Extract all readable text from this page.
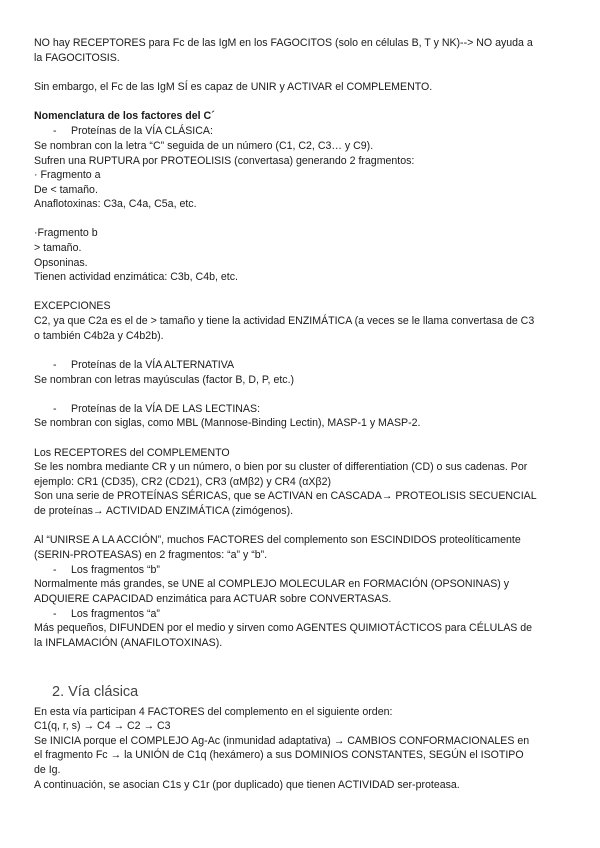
NO hay RECEPTORES para Fc de las IgM en los FAGOCITOS (solo en células B, T y NK)--> NO ayuda a
la FAGOCITOSIS.
Sin embargo, el Fc de las IgM SÍ es capaz de UNIR y ACTIVAR el COMPLEMENTO.
Nomenclatura de los factores del C´
- Proteínas de la VÍA CLÁSICA:
Se nombran con la letra “C” seguida de un número (C1, C2, C3… y C9).
Sufren una RUPTURA por PROTEOLISIS (convertasa) generando 2 fragmentos:
· Fragmento a
De < tamaño.
Anaflotoxinas: C3a, C4a, C5a, etc.
·Fragmento b
> tamaño.
Opsoninas.
Tienen actividad enzimática: C3b, C4b, etc.
EXCEPCIONES
C2, ya que C2a es el de > tamaño y tiene la actividad ENZIMÁTICA (a veces se le llama convertasa de C3
o también C4b2a y C4b2b).
- Proteínas de la VÍA ALTERNATIVA
Se nombran con letras mayúsculas (factor B, D, P, etc.)
- Proteínas de la VÍA DE LAS LECTINAS:
Se nombran con siglas, como MBL (Mannose-Binding Lectin), MASP-1 y MASP-2.
Los RECEPTORES del COMPLEMENTO
Se les nombra mediante CR y un número, o bien por su cluster of differentiation (CD) o sus cadenas. Por
ejemplo: CR1 (CD35), CR2 (CD21), CR3 (αMβ2) y CR4 (αXβ2)
Son una serie de PROTEÍNAS SÉRICAS, que se ACTIVAN en CASCADA→ PROTEOLISIS SECUENCIAL
de proteínas→ ACTIVIDAD ENZIMÁTICA (zimógenos).
Al “UNIRSE A LA ACCIÓN”, muchos FACTORES del complemento son ESCINDIDOS proteolíticamente
(SERIN-PROTEASAS) en 2 fragmentos: “a” y “b”.
- Los fragmentos “b”
Normalmente más grandes, se UNE al COMPLEJO MOLECULAR en FORMACIÓN (OPSONINAS) y
ADQUIERE CAPACIDAD enzimática para ACTUAR sobre CONVERTASAS.
- Los fragmentos “a”
Más pequeños, DIFUNDEN por el medio y sirven como AGENTES QUIMIOTÁCTICOS para CÉLULAS de
la INFLAMACIÓN (ANAFILOTOXINAS).
2. Vía clásica
En esta vía participan 4 FACTORES del complemento en el siguiente orden:
C1(q, r, s) → C4 → C2 → C3
Se INICIA porque el COMPLEJO Ag-Ac (inmunidad adaptativa) → CAMBIOS CONFORMACIONALES en
el fragmento Fc → la UNIÓN de C1q (hexámero) a sus DOMINIOS CONSTANTES, SEGÚN el ISOTIPO
de Ig.
A continuación, se asocian C1s y C1r (por duplicado) que tienen ACTIVIDAD ser-proteasa.
